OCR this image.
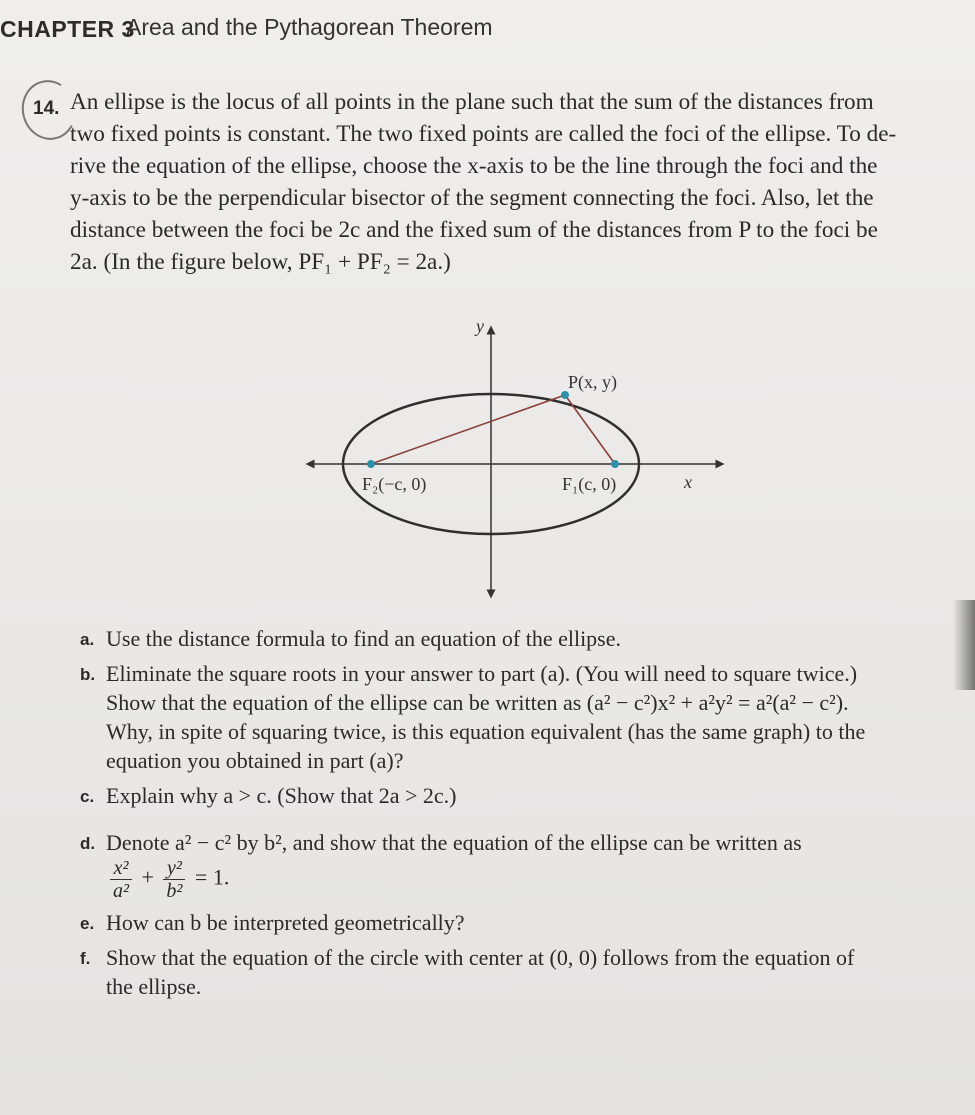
CHAPTER 3
Area and the Pythagorean Theorem
14. An ellipse is the locus of all points in the plane such that the sum of the distances from
two fixed points is constant. The two fixed points are called the foci of the ellipse. To de-
rive the equation of the ellipse, choose the x-axis to be the line through the foci and the
y-axis to be the perpendicular bisector of the segment connecting the foci. Also, let the
distance between the foci be 2c and the fixed sum of the distances from P to the foci be
2a. (In the figure below, PF₁ + PF₂ = 2a.)
y
x
P(x, y)
F₁(c, 0)
F₂(−c, 0)
a. Use the distance formula to find an equation of the ellipse.
b. Eliminate the square roots in your answer to part (a). (You will need to square twice.)
Show that the equation of the ellipse can be written as (a² − c²)x² + a²y² = a²(a² − c²).
Why, in spite of squaring twice, is this equation equivalent (has the same graph) to the
equation you obtained in part (a)?
c. Explain why a > c. (Show that 2a > 2c.)
d. Denote a² − c² by b², and show that the equation of the ellipse can be written as
$\frac{\text{x²}}{\text{a²}} + \frac{\text{y²}}{\text{b²}} = 1$.
e. How can b be interpreted geometrically?
f. Show that the equation of the circle with center at (0, 0) follows from the equation of
the ellipse.
